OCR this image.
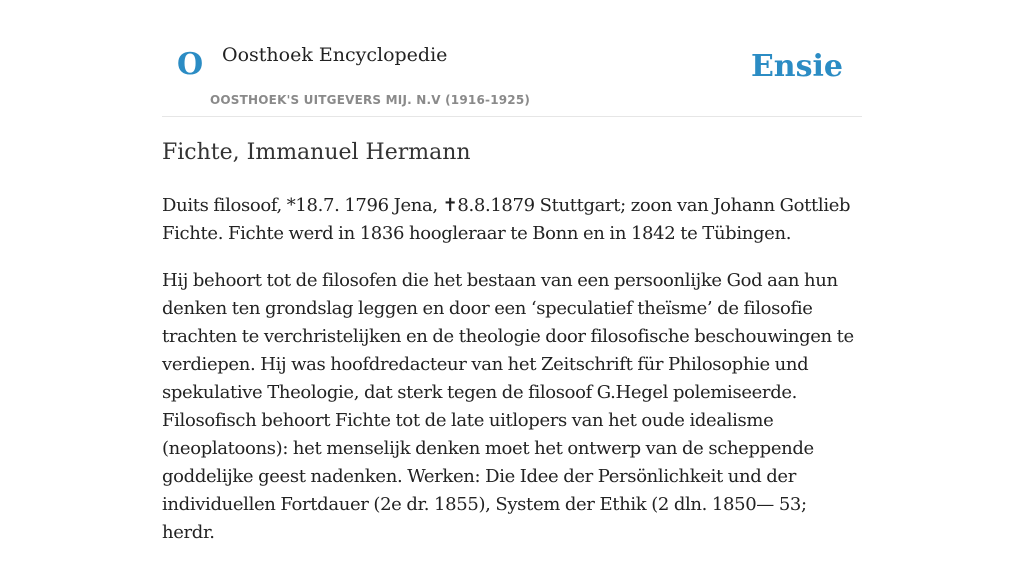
O Oosthoek Encyclopedie
OOSTHOEK'S UITGEVERS MIJ. N.V (1916-1925)
Ensie
Fichte, Immanuel Hermann

Duits filosoof, *18.7. 1796 Jena, ✝8.8.1879 Stuttgart; zoon van Johann Gottlieb Fichte. Fichte werd in 1836 hoogleraar te Bonn en in 1842 te Tübingen.

Hij behoort tot de filosofen die het bestaan van een persoonlijke God aan hun denken ten grondslag leggen en door een ‘speculatief theïsme’ de filosofie trachten te verchristelijken en de theologie door filosofische beschouwingen te verdiepen. Hij was hoofdredacteur van het Zeitschrift für Philosophie und spekulative Theologie, dat sterk tegen de filosoof G.Hegel polemiseerde. Filosofisch behoort Fichte tot de late uitlopers van het oude idealisme (neoplatoons): het menselijk denken moet het ontwerp van de scheppende goddelijke geest nadenken. Werken: Die Idee der Persönlichkeit und der individuellen Fortdauer (2e dr. 1855), System der Ethik (2 dln. 1850— 53; herdr.
